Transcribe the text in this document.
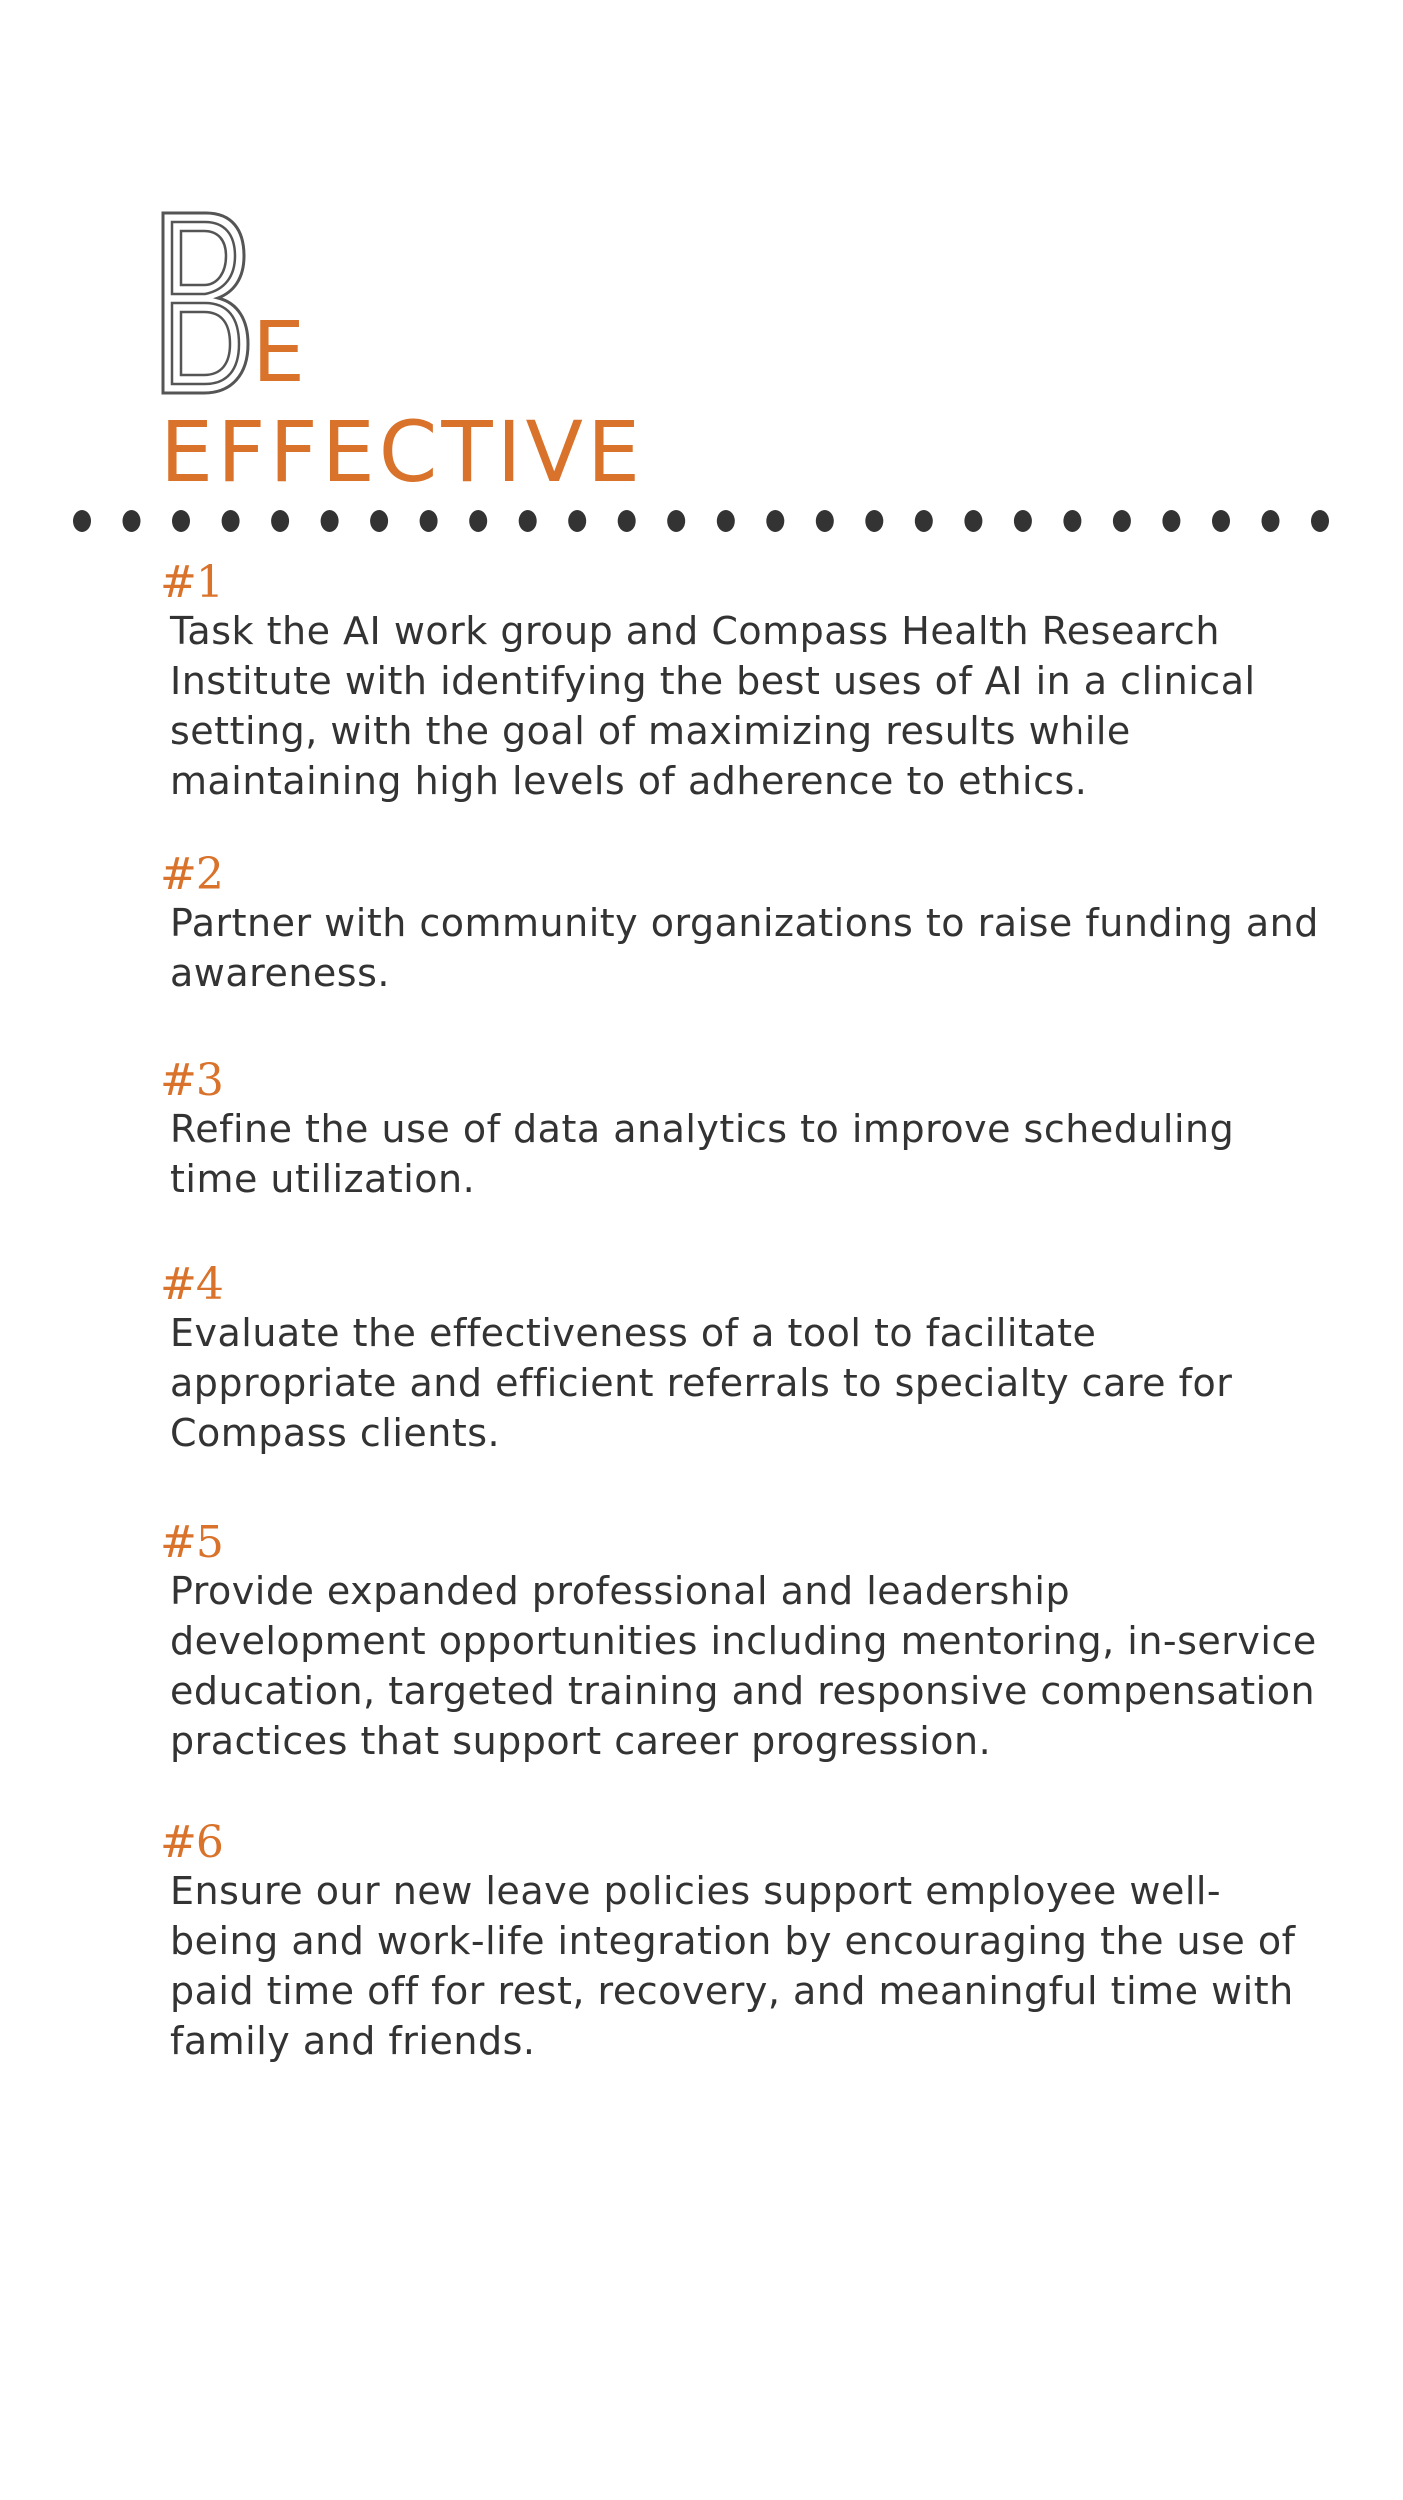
E
EFFECTIVE

#1

Task the AI work group and Compass Health Research Institute with identifying the best uses of AI in a clinical setting, with the goal of maximizing results while maintaining high levels of adherence to ethics.

#2

Partner with community organizations to raise funding and awareness.

#3

Refine the use of data analytics to improve scheduling time utilization.

#4

Evaluate the effectiveness of a tool to facilitate appropriate and efficient referrals to specialty care for Compass clients.

#5

Provide expanded professional and leadership development opportunities including mentoring, in-service education, targeted training and responsive compensation practices that support career progression.

#6

Ensure our new leave policies support employee well-being and work-life integration by encouraging the use of paid time off for rest, recovery, and meaningful time with family and friends.
